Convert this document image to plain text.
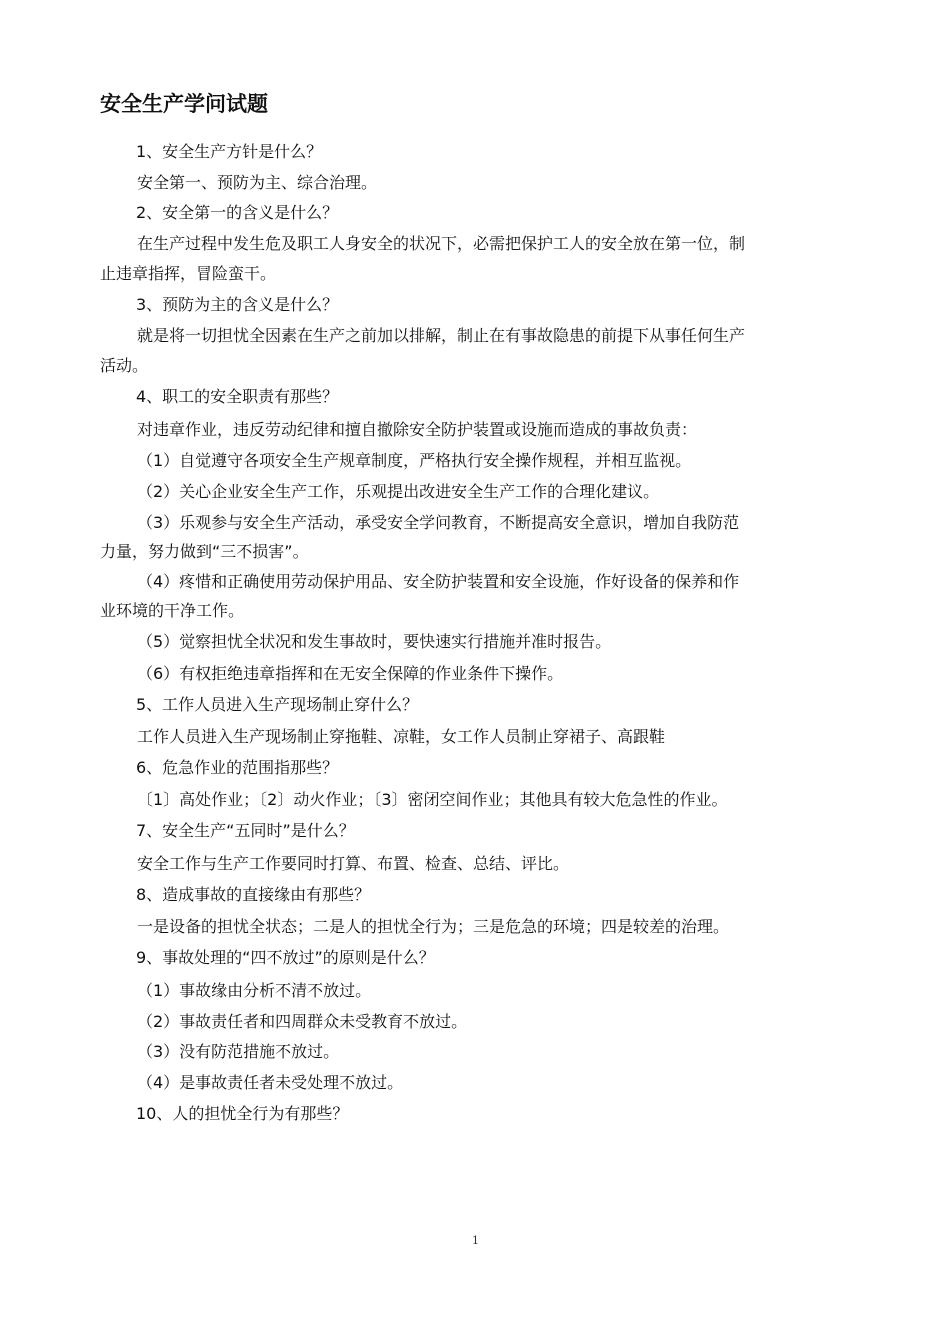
安全生产学问试题
1、安全生产方针是什么？
安全第一、预防为主、综合治理。
2、安全第一的含义是什么？
在生产过程中发生危及职工人身安全的状况下，必需把保护工人的安全放在第一位，制
止违章指挥，冒险蛮干。
3、预防为主的含义是什么？
就是将一切担忧全因素在生产之前加以排解，制止在有事故隐患的前提下从事任何生产
活动。
4、职工的安全职责有那些？
对违章作业，违反劳动纪律和擅自撤除安全防护装置或设施而造成的事故负责：
（1）自觉遵守各项安全生产规章制度，严格执行安全操作规程，并相互监视。
（2）关心企业安全生产工作，乐观提出改进安全生产工作的合理化建议。
（3）乐观参与安全生产活动，承受安全学问教育，不断提高安全意识，增加自我防范
力量，努力做到“三不损害”。
（4）疼惜和正确使用劳动保护用品、安全防护装置和安全设施，作好设备的保养和作
业环境的干净工作。
（5）觉察担忧全状况和发生事故时，要快速实行措施并准时报告。
（6）有权拒绝违章指挥和在无安全保障的作业条件下操作。
5、工作人员进入生产现场制止穿什么？
工作人员进入生产现场制止穿拖鞋、凉鞋，女工作人员制止穿裙子、高跟鞋
6、危急作业的范围指那些？
〔1〕高处作业；〔2〕动火作业；〔3〕密闭空间作业；其他具有较大危急性的作业。
7、安全生产“五同时”是什么？
安全工作与生产工作要同时打算、布置、检查、总结、评比。
8、造成事故的直接缘由有那些？
一是设备的担忧全状态；二是人的担忧全行为；三是危急的环境；四是较差的治理。
9、事故处理的“四不放过”的原则是什么？
（1）事故缘由分析不清不放过。
（2）事故责任者和四周群众未受教育不放过。
（3）没有防范措施不放过。
（4）是事故责任者未受处理不放过。
10、人的担忧全行为有那些？
1
